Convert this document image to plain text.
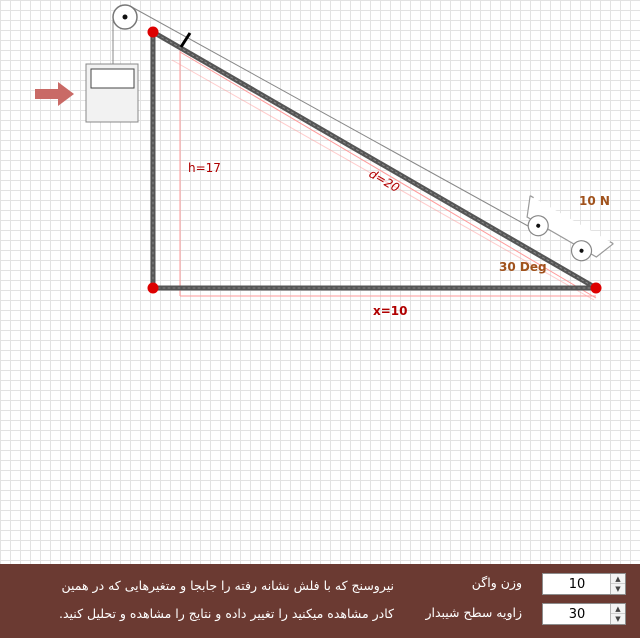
h=17	d=20
x=10
30 Deg
10 N
نیروسنج که با فلش نشانه رفته را جابجا و متغیرهایی که در همین
کادر مشاهده میکنید را تغییر داده و نتایج را مشاهده و تحلیل کنید.
وزن واگن
10	▲
▼
زاویه سطح شیبدار
30	▲
▼
